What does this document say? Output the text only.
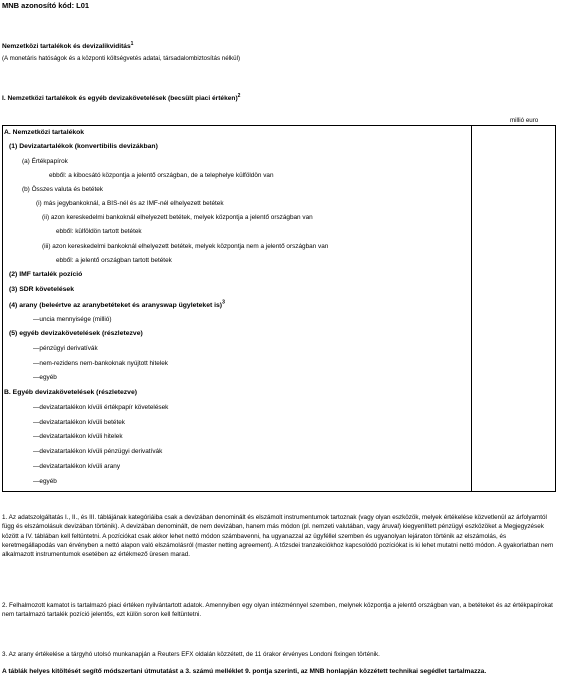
MNB azonosító kód: L01
Nemzetközi tartalékok és devizalikviditás$^1$
(A monetáris hatóságok és a központi költségvetés adatai, társadalombiztosítás nélkül)
I. Nemzetközi tartalékok és egyéb devizakövetelések (becsült piaci értéken)$^2$
millió euro
A. Nemzetközi tartalékok
(1) Devizatartalékok (konvertibilis devizákban)
(a) Értékpapírok
ebből: a kibocsátó központja a jelentő országban, de a telephelye külföldön van
(b) Összes valuta és betétek
(i) más jegybankoknál, a BIS-nél és az IMF-nél elhelyezett betétek
(ii) azon kereskedelmi bankoknál elhelyezett betétek, melyek központja a jelentő országban van
ebből: külföldön tartott betétek
(iii) azon kereskedelmi bankoknál elhelyezett betétek, melyek központja nem a jelentő országban van
ebből: a jelentő országban tartott betétek
(2) IMF tartalék pozíció
(3) SDR követelések
(4) arany (beleértve az aranybetéteket és aranyswap ügyleteket is)$^3$
—uncia mennyisége (millió)
(5) egyéb devizakövetelések (részletezve)
—pénzügyi derivatívák
—nem-rezidens nem-bankoknak nyújtott hitelek
—egyéb
B. Egyéb devizakövetelések (részletezve)
—devizatartalékon kívüli értékpapír követelések
—devizatartalékon kívüli betétek
—devizatartalékon kívüli hitelek
—devizatartalékon kívüli pénzügyi derivatívák
—devizatartalékon kívüli arany
—egyéb
1. Az adatszolgáltatás I., II., és III. táblájának kategóriáiba csak a devizában denominált és elszámolt instrumentumok tartoznak (vagy olyan eszközök, melyek értékelése közvetlenül az árfolyamtól függ és elszámolásuk devizában történik). A devizában denominált, de nem devizában, hanem más módon (pl. nemzeti valutában, vagy áruval) kiegyenlített pénzügyi eszközöket a Megjegyzések között a IV. táblában kell feltüntetni. A pozíciókat csak akkor lehet nettó módon számbavenni, ha ugyanazzal az ügyféllel szemben és ugyanolyan lejáraton történik az elszámolás, és keretmegállapodás van érvényben a nettó alapon való elszámolásról (master netting agreement). A tőzsdei tranzakciókhoz kapcsolódó pozíciókat is ki lehet mutatni nettó módon. A gyakorlatban nem alkalmazott instrumentumok esetében az értékmező üresen marad.
2. Felhalmozott kamatot is tartalmazó piaci értéken nyilvántartott adatok. Amennyiben egy olyan intézménnyel szemben, melynek központja a jelentő országban van, a betéteket és az értékpapírokat nem tartalmazó tartalék pozíció jelentős, ezt külön soron kell feltüntetni.
3. Az arany értékelése a tárgyhó utolsó munkanapján a Reuters EFX oldalán közzétett, de 11 órakor érvényes Londoni fixingen történik.
A táblák helyes kitöltését segítő módszertani útmutatást a 3. számú melléklet 9. pontja szerinti, az MNB honlapján közzétett technikai segédlet tartalmazza.
